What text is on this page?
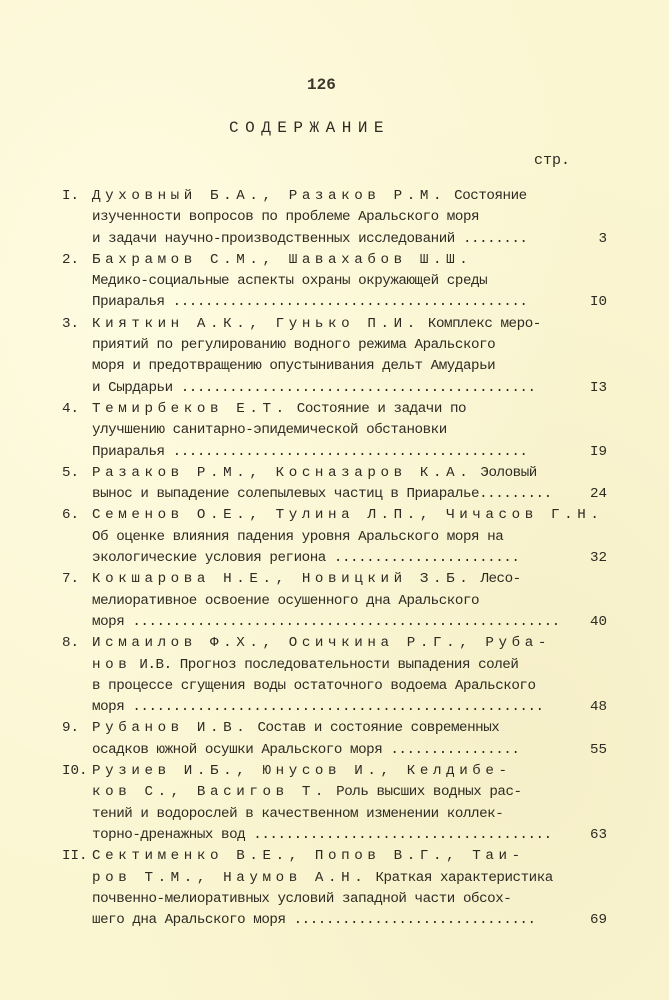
126
СОДЕРЖАНИЕ
стр.
I. Духовный Б.А., Разаков Р.М. Состояние
изученности вопросов по проблеме Аральского моря
и задачи научно-производственных исследований ........	3
2. Бахрамов С.М., Шавахабов Ш.Ш.
Медико-социальные аспекты охраны окружающей среды
Приаралья ............................................	I0
3. Кияткин А.К., Гунько П.И. Комплекс меро-
приятий по регулированию водного режима Аральского
моря и предотвращению опустынивания дельт Амударьи
и Сырдарьи ............................................	I3
4. Темирбеков Е.Т. Состояние и задачи по
улучшению санитарно-эпидемической обстановки
Приаралья ............................................	I9
5. Разаков Р.М., Косназаров К.А. Эоловый
вынос и выпадение солепылевых частиц в Приаралье.........	24
6. Семенов О.Е., Тулина Л.П., Чичасов Г.Н.
Об оценке влияния падения уровня Аральского моря на
экологические условия региона .......................	32
7. Кокшарова Н.Е., Новицкий З.Б. Лесо-
мелиоративное освоение осушенного дна Аральского
моря ..................................................... 40
8. Исмаилов Ф.Х., Осичкина Р.Г., Руба-
нов И.В. Прогноз последовательности выпадения солей
в процессе сгущения воды остаточного водоема Аральского
моря ...................................................	48
9. Рубанов И.В. Состав и состояние современных
осадков южной осушки Аральского моря ................	55
I0. Рузиев И.Б., Юнусов И., Келдибе-
ков С., Васигов Т. Роль высших водных рас-
тений и водорослей в качественном изменении коллек-
торно-дренажных вод .....................................	63
II. Сектименко В.Е., Попов В.Г., Таи-
ров Т.М., Наумов А.Н. Краткая характеристика
почвенно-мелиоративных условий западной части обсох-
шего дна Аральского моря ..............................	69
